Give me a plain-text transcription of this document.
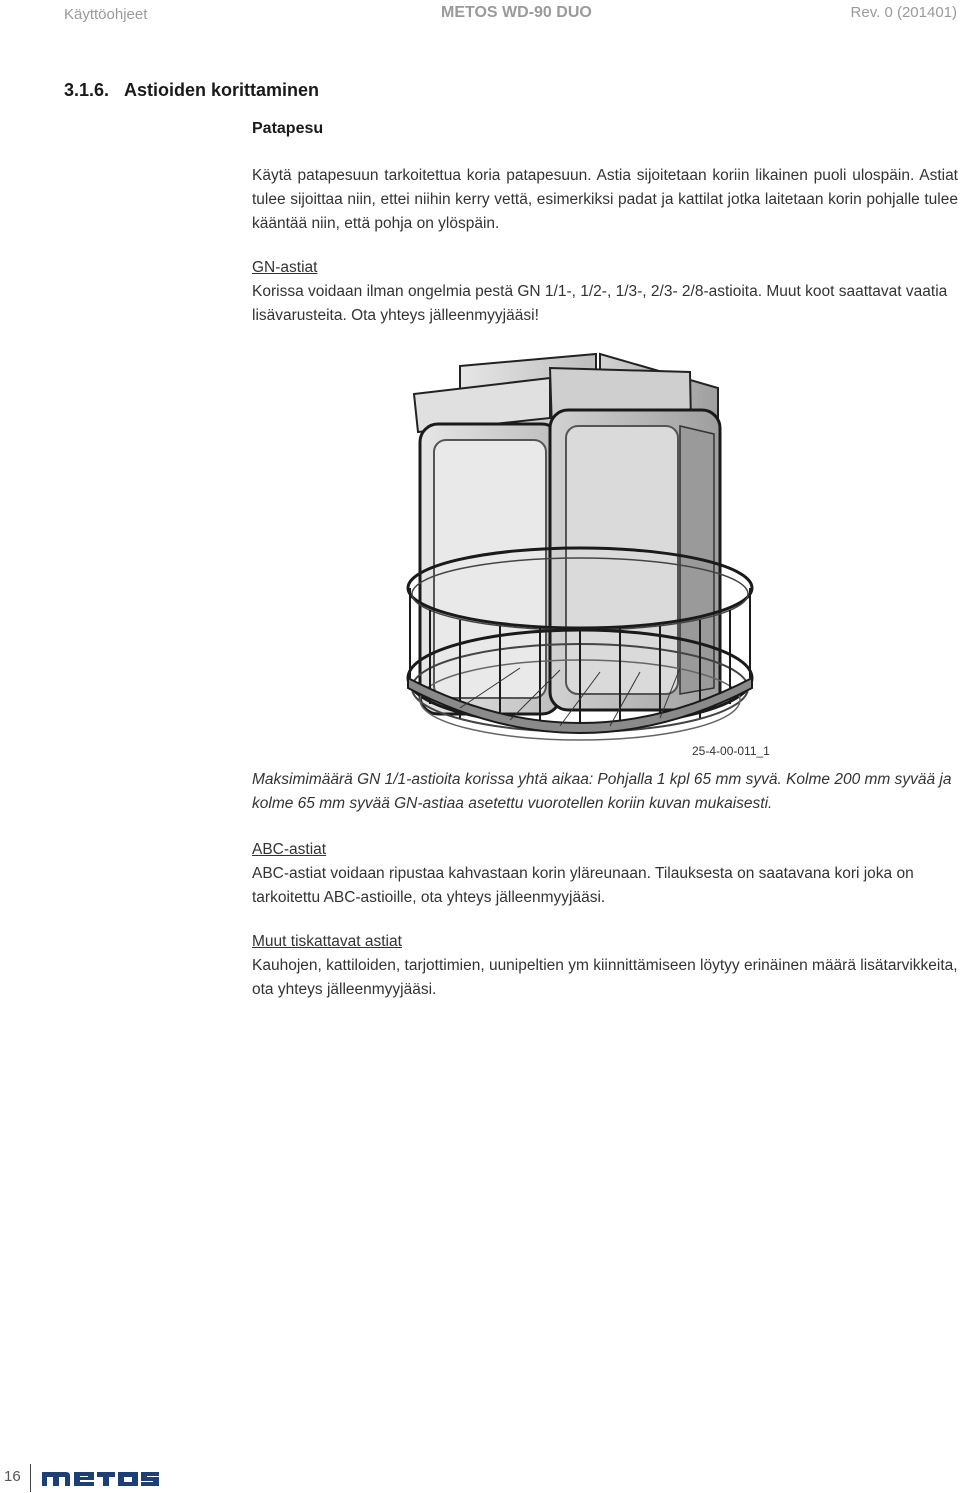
Käyttöohjeet	METOS WD-90 DUO	Rev. 0 (201401)
3.1.6. Astioiden korittaminen
Patapesu
Käytä patapesuun tarkoitettua koria patapesuun. Astia sijoitetaan koriin likainen puoli ulospäin. Astiat tulee sijoittaa niin, ettei niihin kerry vettä, esimerkiksi padat ja kattilat jotka laitetaan korin pohjalle tulee kääntää niin, että pohja on ylöspäin.
GN-astiat
Korissa voidaan ilman ongelmia pestä GN 1/1-, 1/2-, 1/3-, 2/3- 2/8-astioita. Muut koot saattavat vaatia lisävarusteita. Ota yhteys jälleenmyyjääsi!
25-4-00-011_1
Maksimimäärä GN 1/1-astioita korissa yhtä aikaa: Pohjalla 1 kpl 65 mm syvä. Kolme 200 mm syvää ja kolme 65 mm syvää GN-astiaa asetettu vuorotellen koriin kuvan mukaisesti.
ABC-astiat
ABC-astiat voidaan ripustaa kahvastaan korin yläreunaan. Tilauksesta on saatavana kori joka on tarkoitettu ABC-astioille, ota yhteys jälleenmyyjääsi.
Muut tiskattavat astiat
Kauhojen, kattiloiden, tarjottimien, uunipeltien ym kiinnittämiseen löytyy erinäinen määrä lisätarvikkeita, ota yhteys jälleenmyyjääsi.
16
